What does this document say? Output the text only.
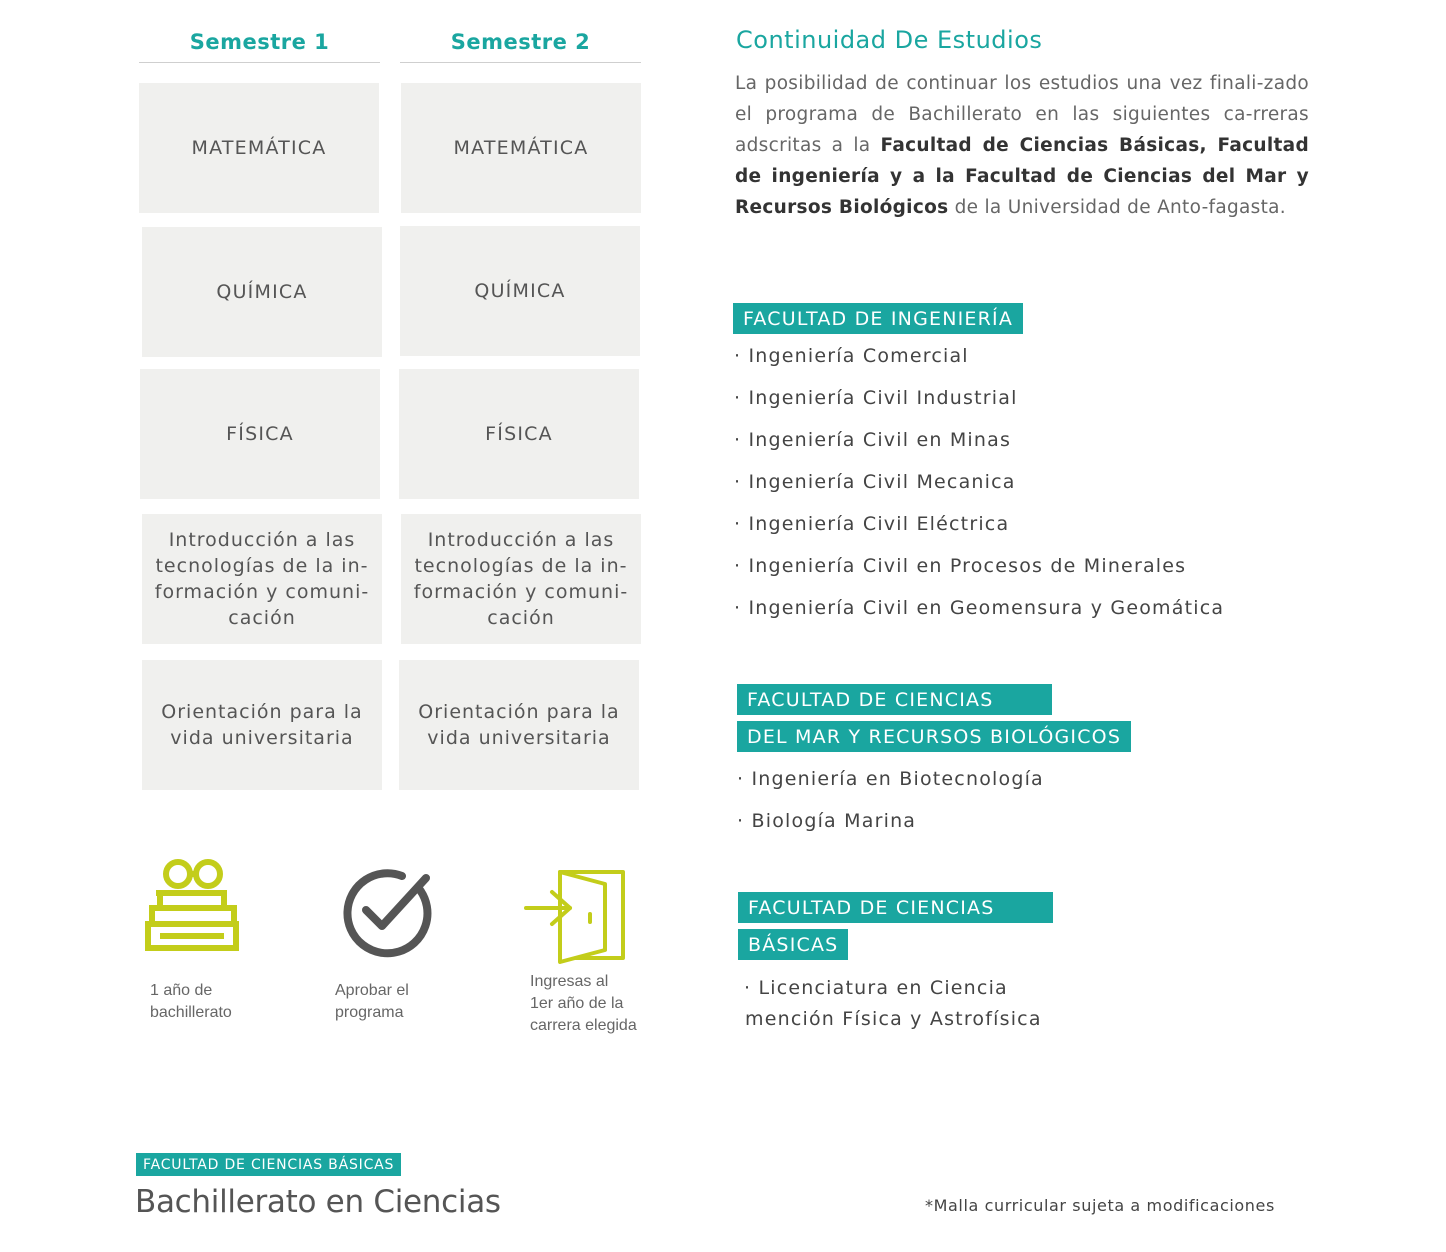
Semestre 1	Semestre 2
MATEMÁTICA
QUÍMICA
FÍSICA
Introducción a las tecnologías de la in-formación y comuni-cación
Orientación para la vida universitaria
MATEMÁTICA
QUÍMICA
FÍSICA
Introducción a las tecnologías de la in-formación y comuni-cación
Orientación para la vida universitaria
1 año de
bachillerato
Aprobar el
programa
Ingresas al
1er año de la
carrera elegida
Continuidad De Estudios
La posibilidad de continuar los estudios una vez finali-zado el programa de Bachillerato en las siguientes ca-rreras adscritas a la Facultad de Ciencias Básicas, Facultad de ingeniería y a la Facultad de Ciencias del Mar y Recursos Biológicos de la Universidad de Anto-fagasta.
FACULTAD DE INGENIERÍA
· Ingeniería Comercial
· Ingeniería Civil Industrial
· Ingeniería Civil en Minas
· Ingeniería Civil Mecanica
· Ingeniería Civil Eléctrica
· Ingeniería Civil en Procesos de Minerales
· Ingeniería Civil en Geomensura y Geomática
FACULTAD DE CIENCIAS
DEL MAR Y RECURSOS BIOLÓGICOS
· Ingeniería en Biotecnología
· Biología Marina
FACULTAD DE CIENCIAS
BÁSICAS
· Licenciatura en Ciencia
mención Física y Astrofísica
FACULTAD DE CIENCIAS BÁSICAS
Bachillerato en Ciencias	*Malla curricular sujeta a modificaciones
